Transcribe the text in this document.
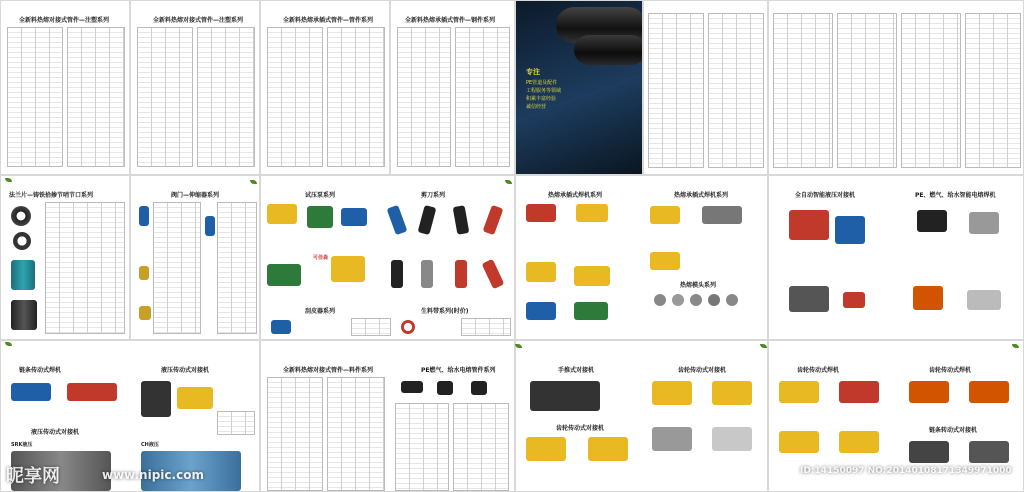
全新料热熔对接式管件—注塑系列	全新料热熔对接式管件—注塑系列	全新料热熔承插式管件—管件系列	全新料热熔承插式管件—钢件系列
专注
PE管道及配件
工程服务等领域
积累丰富经验
诚信经营
法兰片—铸铁拾掺节哨节口系列	阀门—伸缩器系列	试压泵系列	剪刀系列
可佳森
刮皮器系列	生料带系列(时价)
热熔承插式焊机系列	热熔承插式焊机系列
热熔模头系列
全自动智能液压对接机	PE、燃气、给水智能电熔焊机
链条传动式焊机	液压传动式对接机
液压传动式对接机
SRK液压	CH液压
全新料热熔对接式管件—料件系列	PE燃气、给水电熔管件系列	手推式对接机	齿轮传动式对接机
齿轮传动式对接机
齿轮传动式焊机	齿轮传动式焊机
链条转动式对接机
昵享网	www.nipic.com	ID:14150097 NO:20140108171349971000
